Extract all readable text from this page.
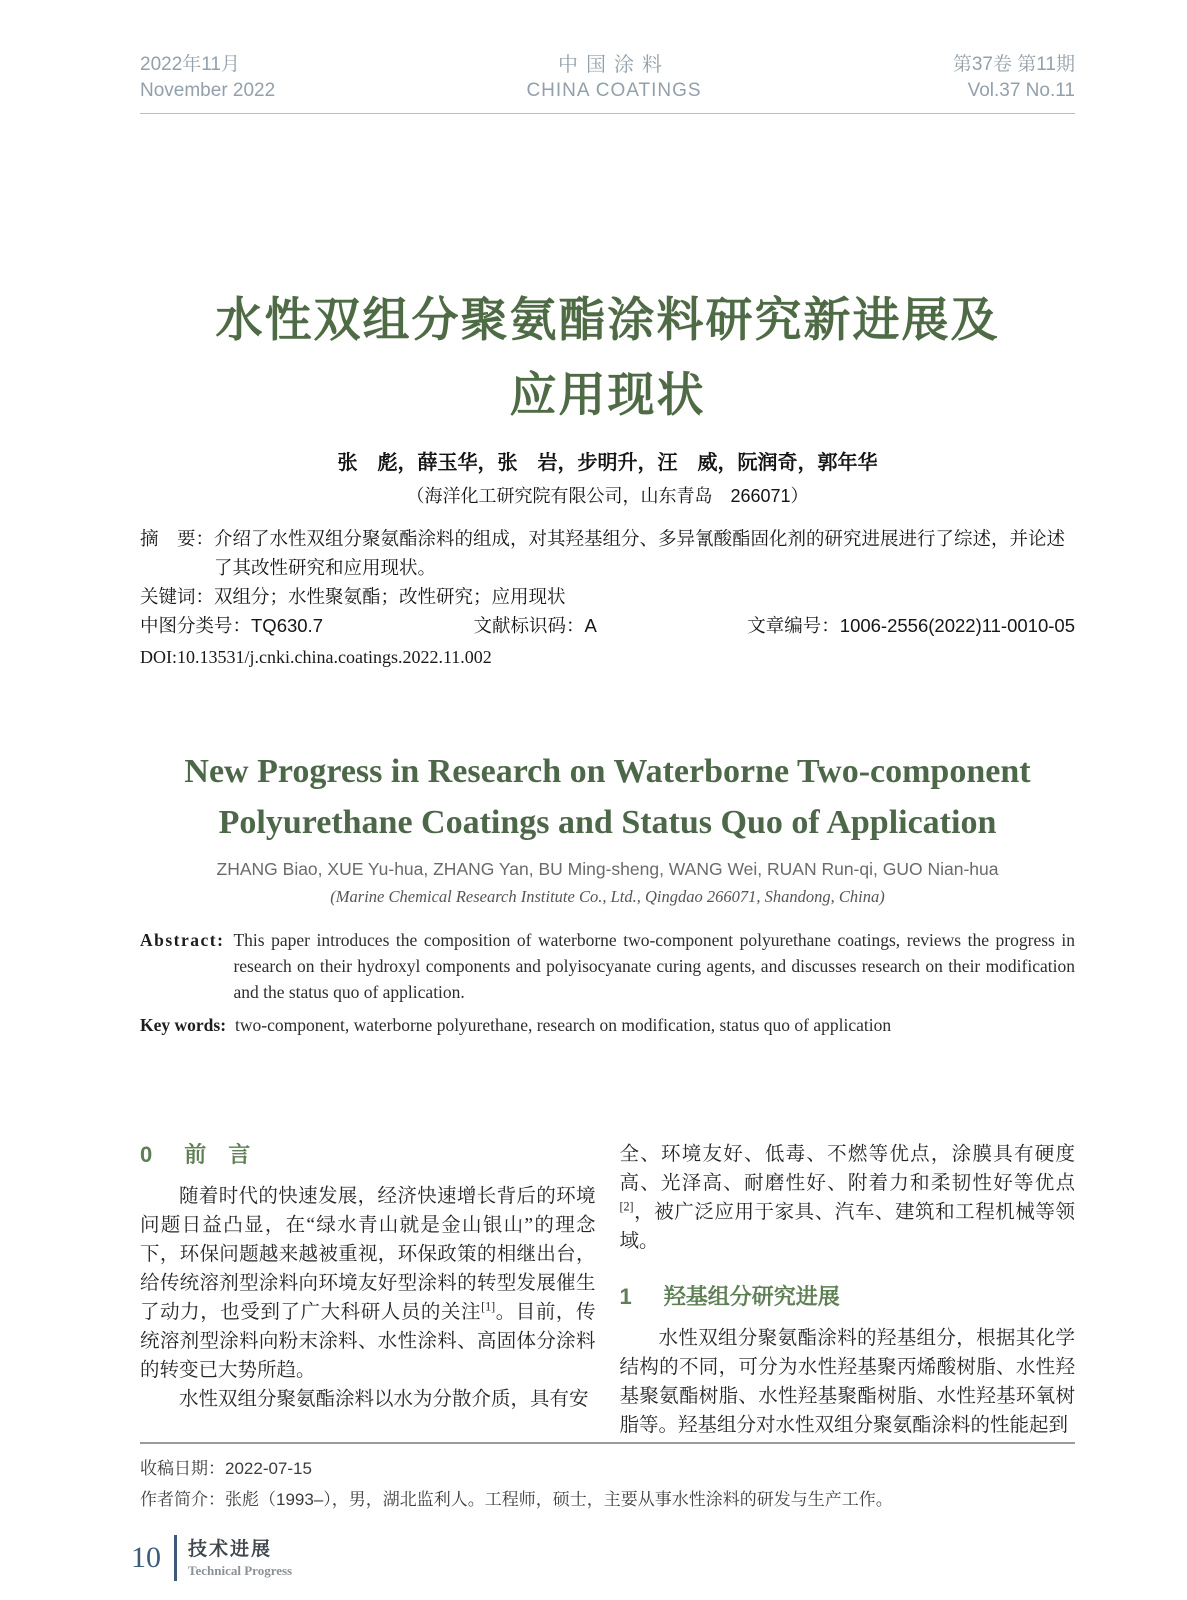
2022年11月
November 2022
中国涂料
CHINA COATINGS
第37卷 第11期
Vol.37 No.11
水性双组分聚氨酯涂料研究新进展及
应用现状
张　彪，薛玉华，张　岩，步明升，汪　威，阮润奇，郭年华
（海洋化工研究院有限公司，山东青岛　266071）
摘　要： 介绍了水性双组分聚氨酯涂料的组成，对其羟基组分、多异氰酸酯固化剂的研究进展进行了综述，并论述了其改性研究和应用现状。
关键词： 双组分；水性聚氨酯；改性研究；应用现状
中图分类号：TQ630.7	文献标识码：A	文章编号：1006-2556(2022)11-0010-05
DOI:10.13531/j.cnki.china.coatings.2022.11.002
New Progress in Research on Waterborne Two-component
Polyurethane Coatings and Status Quo of Application
ZHANG Biao, XUE Yu-hua, ZHANG Yan, BU Ming-sheng, WANG Wei, RUAN Run-qi, GUO Nian-hua
(Marine Chemical Research Institute Co., Ltd., Qingdao 266071, Shandong, China)
Abstract: This paper introduces the composition of waterborne two-component polyurethane coatings, reviews the progress in research on their hydroxyl components and polyisocyanate curing agents, and discusses research on their modification and the status quo of application.
Key words: two-component, waterborne polyurethane, research on modification, status quo of application
0 前　言

随着时代的快速发展，经济快速增长背后的环境问题日益凸显，在“绿水青山就是金山银山”的理念下，环保问题越来越被重视，环保政策的相继出台，给传统溶剂型涂料向环境友好型涂料的转型发展催生了动力，也受到了广大科研人员的关注[1]。目前，传统溶剂型涂料向粉末涂料、水性涂料、高固体分涂料的转变已大势所趋。

水性双组分聚氨酯涂料以水为分散介质，具有安

全、环境友好、低毒、不燃等优点，涂膜具有硬度高、光泽高、耐磨性好、附着力和柔韧性好等优点[2]，被广泛应用于家具、汽车、建筑和工程机械等领域。

1 羟基组分研究进展

水性双组分聚氨酯涂料的羟基组分，根据其化学结构的不同，可分为水性羟基聚丙烯酸树脂、水性羟基聚氨酯树脂、水性羟基聚酯树脂、水性羟基环氧树脂等。羟基组分对水性双组分聚氨酯涂料的性能起到

收稿日期：2022-07-15
作者简介：张彪（1993–），男，湖北监利人。工程师，硕士，主要从事水性涂料的研发与生产工作。
10 技术进展
Technical Progress
